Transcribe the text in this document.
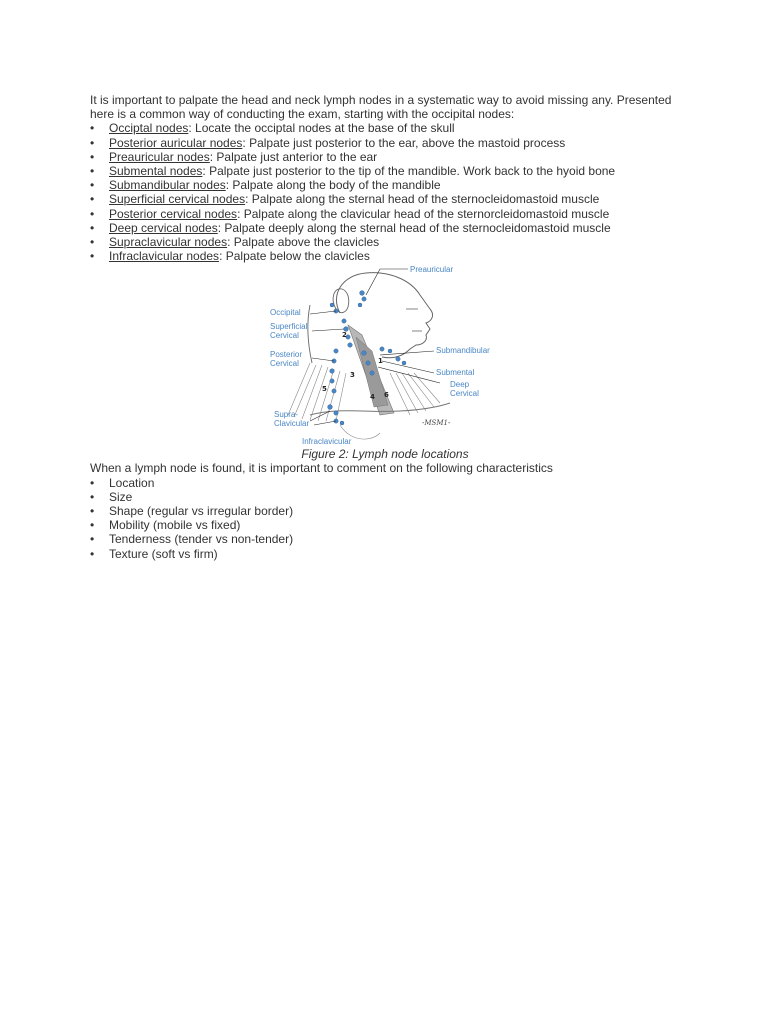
It is important to palpate the head and neck lymph nodes in a systematic way to avoid missing any. Presented here is a common way of conducting the exam, starting with the occipital nodes:

• Occiptal nodes: Locate the occiptal nodes at the base of the skull
• Posterior auricular nodes: Palpate just posterior to the ear, above the mastoid process
• Preauricular nodes: Palpate just anterior to the ear
• Submental nodes: Palpate just posterior to the tip of the mandible. Work back to the hyoid bone
• Submandibular nodes: Palpate along the body of the mandible
• Superficial cervical nodes: Palpate along the sternal head of the sternocleidomastoid muscle
• Posterior cervical nodes: Palpate along the clavicular head of the sternorcleidomastoid muscle
• Deep cervical nodes: Palpate deeply along the sternal head of the sternocleidomastoid muscle
• Supraclavicular nodes: Palpate above the clavicles
• Infraclavicular nodes: Palpate below the clavicles
Preauricular
Occipital
Superficial
Cervical
Posterior
Cervical
Submandibular
Submental
Deep
Cervical
Supra-
Clavicular
Infraclavicular
1
2
3
4
5
6
-MSM1-

Figure 2: Lymph node locations

When a lymph node is found, it is important to comment on the following characteristics

• Location
• Size
• Shape (regular vs irregular border)
• Mobility (mobile vs fixed)
• Tenderness (tender vs non-tender)
• Texture (soft vs firm)
